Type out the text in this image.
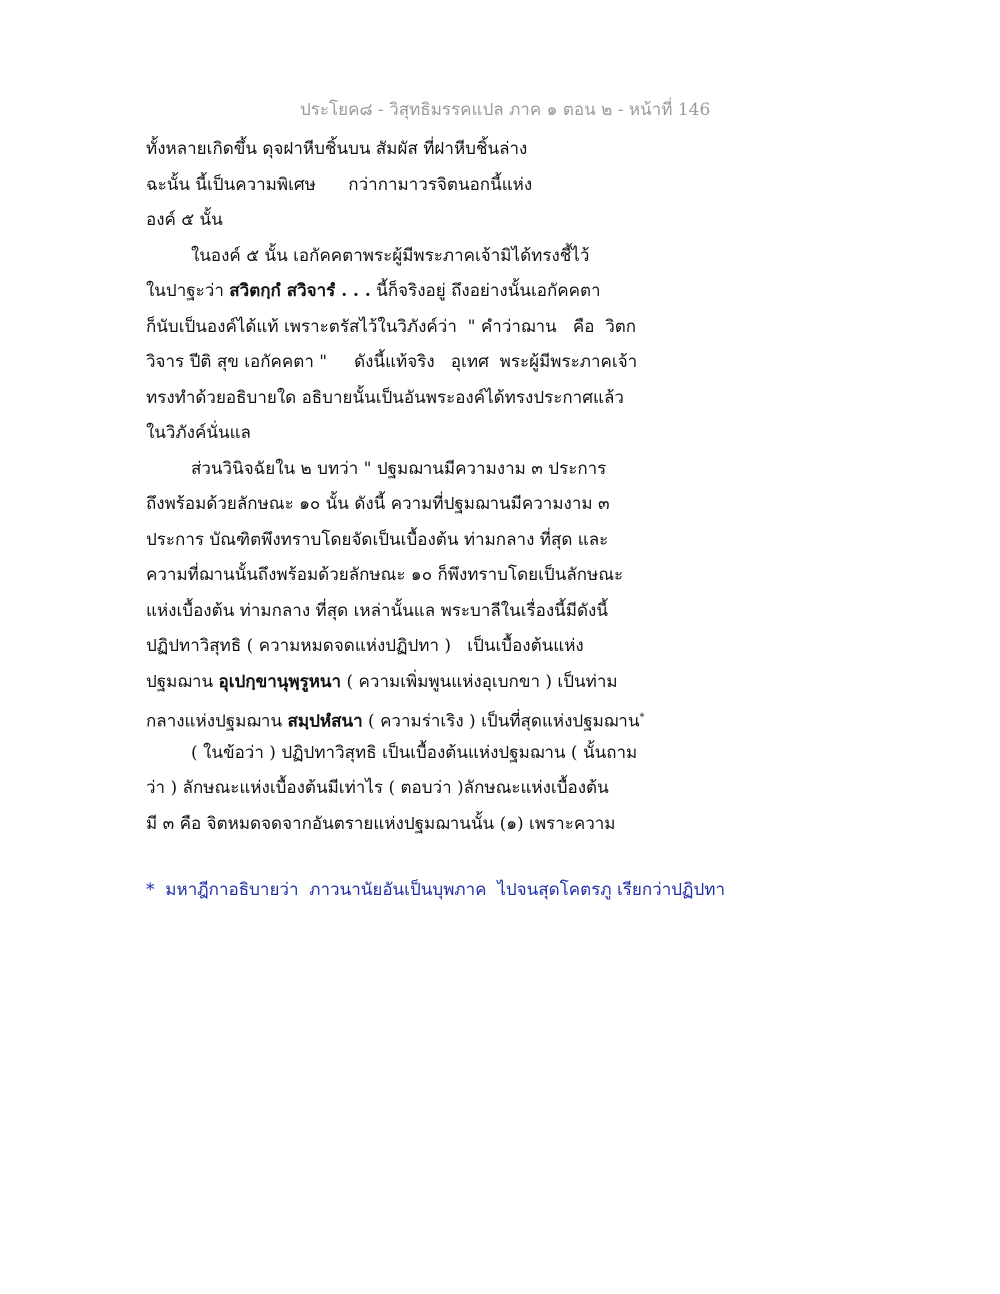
ประโยค๘ - วิสุทธิมรรคแปล ภาค ๑ ตอน ๒ - หน้าที่ 146
ทั้งหลายเกิดขึ้น ดุจฝาหีบชิ้นบน สัมผัส ที่ฝาหีบชิ้นล่าง
ฉะนั้น นี้เป็นความพิเศษ      กว่ากามาวรจิตนอกนี้แห่ง
องค์ ๕ นั้น
ในองค์ ๕ นั้น เอกัคคตาพระผู้มีพระภาคเจ้ามิได้ทรงชี้ไว้
ในปาฐะว่า สวิตกฺกํ สวิจารํ . . . นี้ก็จริงอยู่ ถึงอย่างนั้นเอกัคคตา
ก็นับเป็นองค์ได้แท้ เพราะตรัสไว้ในวิภังค์ว่า  " คำว่าฌาน   คือ  วิตก
วิจาร ปีติ สุข เอกัคคตา "     ดังนี้แท้จริง   อุเทศ  พระผู้มีพระภาคเจ้า
ทรงทำด้วยอธิบายใด อธิบายนั้นเป็นอันพระองค์ได้ทรงประกาศแล้ว
ในวิภังค์นั่นแล
ส่วนวินิจฉัยใน ๒ บทว่า " ปฐมฌานมีความงาม ๓ ประการ
ถึงพร้อมด้วยลักษณะ ๑๐ นั้น ดังนี้ ความที่ปฐมฌานมีความงาม ๓
ประการ บัณฑิตพึงทราบโดยจัดเป็นเบื้องต้น ท่ามกลาง ที่สุด และ
ความที่ฌานนั้นถึงพร้อมด้วยลักษณะ ๑๐ ก็พึงทราบโดยเป็นลักษณะ
แห่งเบื้องต้น ท่ามกลาง ที่สุด เหล่านั้นแล พระบาลีในเรื่องนี้มีดังนี้
ปฏิปทาวิสุทธิ ( ความหมดจดแห่งปฏิปทา )   เป็นเบื้องต้นแห่ง
ปฐมฌาน อุเปกฺขานุพฺรูหนา ( ความเพิ่มพูนแห่งอุเบกขา ) เป็นท่าม
กลางแห่งปฐมฌาน สมฺปหํสนา ( ความร่าเริง ) เป็นที่สุดแห่งปฐมฌาน*
( ในข้อว่า ) ปฏิปทาวิสุทธิ เป็นเบื้องต้นแห่งปฐมฌาน ( นั้นถาม
ว่า ) ลักษณะแห่งเบื้องต้นมีเท่าไร ( ตอบว่า )ลักษณะแห่งเบื้องต้น
มี ๓ คือ จิตหมดจดจากอันตรายแห่งปฐมฌานนั้น (๑) เพราะความ
*  มหาฎีกาอธิบายว่า  ภาวนานัยอันเป็นบุพภาค  ไปจนสุดโคตรภู เรียกว่าปฏิปทา
